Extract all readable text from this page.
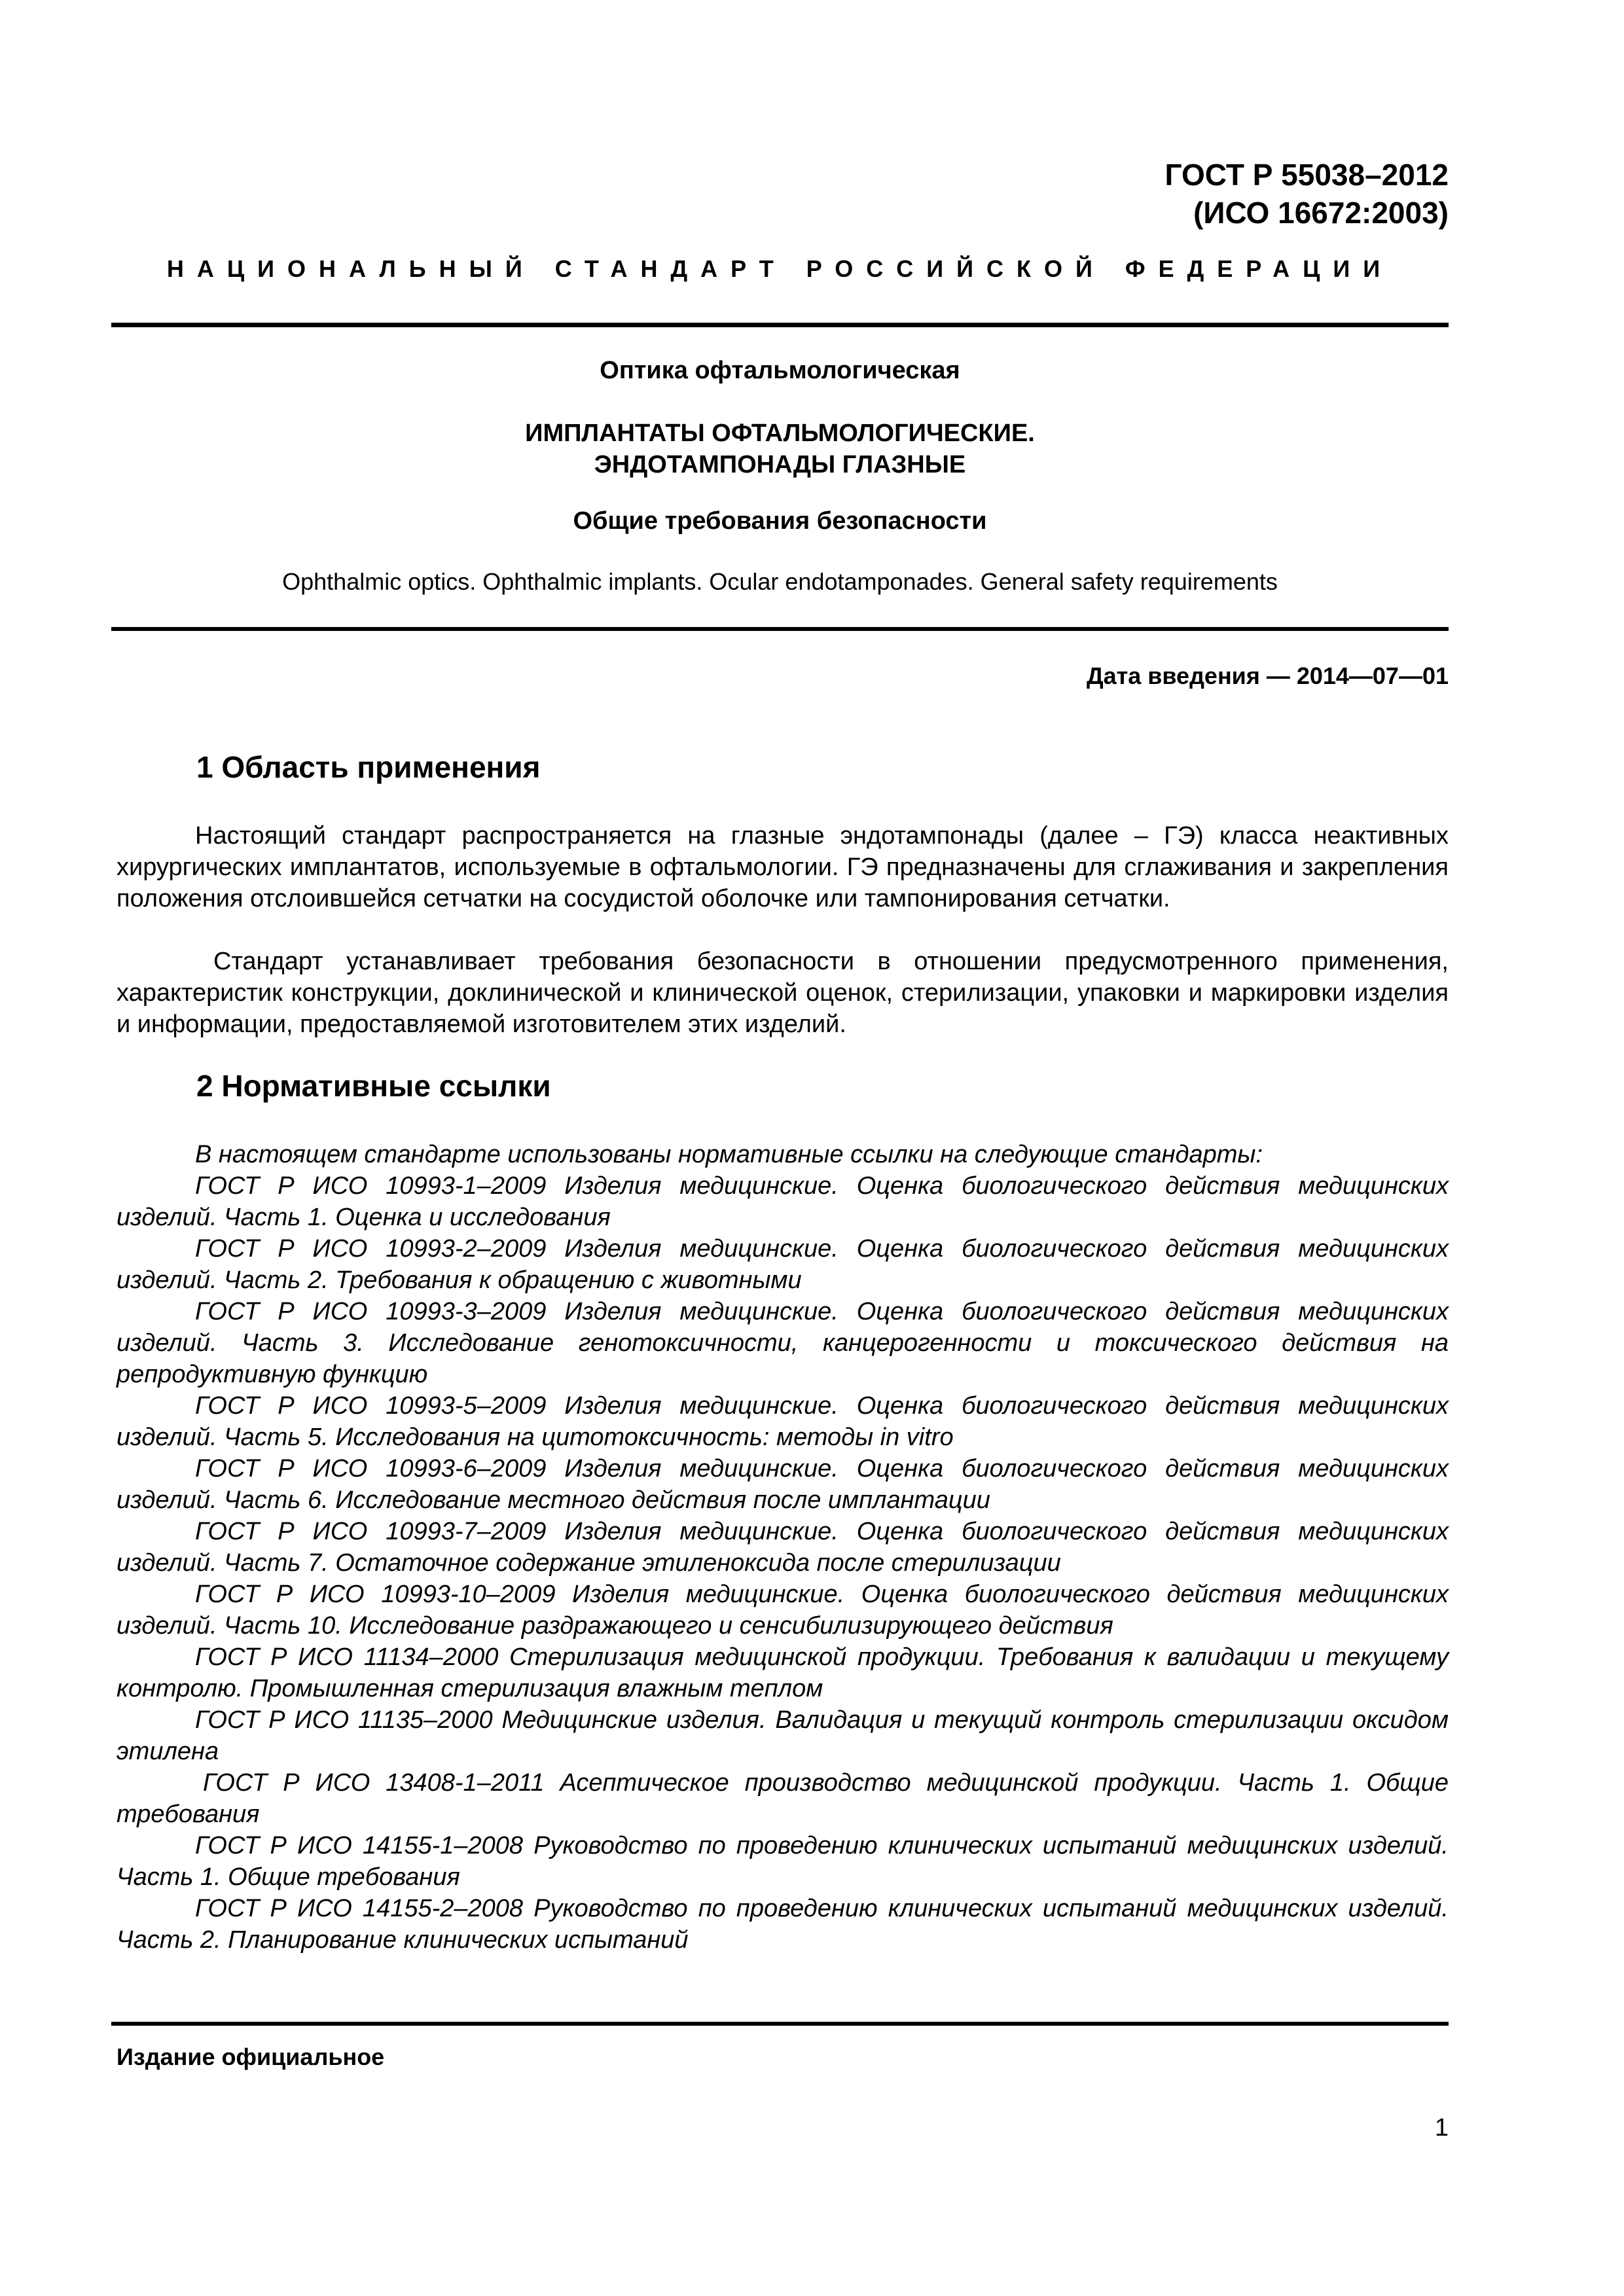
ГОСТ Р 55038–2012
(ИСО 16672:2003)
НАЦИОНАЛЬНЫЙ СТАНДАРТ РОССИЙСКОЙ ФЕДЕРАЦИИ
Оптика офтальмологическая
ИМПЛАНТАТЫ ОФТАЛЬМОЛОГИЧЕСКИЕ.
ЭНДОТАМПОНАДЫ ГЛАЗНЫЕ
Общие требования безопасности
Ophthalmic optics. Ophthalmic implants. Ocular endotamponades. General safety requirements
Дата введения — 2014—07—01
1 Область применения
Настоящий стандарт распространяется на глазные эндотампонады (далее – ГЭ) класса неактивных хирургических имплантатов, используемые в офтальмологии. ГЭ предназначены для сглаживания и закрепления положения отслоившейся сетчатки на сосудистой оболочке или тампонирования сетчатки.
Стандарт устанавливает требования безопасности в отношении предусмотренного применения, характеристик конструкции, доклинической и клинической оценок, стерилизации, упаковки и маркировки изделия и информации, предоставляемой изготовителем этих изделий.
2 Нормативные ссылки
В настоящем стандарте использованы нормативные ссылки на следующие стандарты:
ГОСТ Р ИСО 10993-1–2009 Изделия медицинские. Оценка биологического действия медицинских изделий. Часть 1. Оценка и исследования
ГОСТ Р ИСО 10993-2–2009 Изделия медицинские. Оценка биологического действия медицинских изделий. Часть 2. Требования к обращению с животными
ГОСТ Р ИСО 10993-3–2009 Изделия медицинские. Оценка биологического действия медицинских изделий. Часть 3. Исследование генотоксичности, канцерогенности и токсического действия на репродуктивную функцию
ГОСТ Р ИСО 10993-5–2009 Изделия медицинские. Оценка биологического действия медицинских изделий. Часть 5. Исследования на цитотоксичность: методы in vitro
ГОСТ Р ИСО 10993-6–2009 Изделия медицинские. Оценка биологического действия медицинских изделий. Часть 6. Исследование местного действия после имплантации
ГОСТ Р ИСО 10993-7–2009 Изделия медицинские. Оценка биологического действия медицинских изделий. Часть 7. Остаточное содержание этиленоксида после стерилизации
ГОСТ Р ИСО 10993-10–2009 Изделия медицинские. Оценка биологического действия медицинских изделий. Часть 10. Исследование раздражающего и сенсибилизирующего действия
ГОСТ Р ИСО 11134–2000 Стерилизация медицинской продукции. Требования к валидации и текущему контролю. Промышленная стерилизация влажным теплом
ГОСТ Р ИСО 11135–2000 Медицинские изделия. Валидация и текущий контроль стерилизации оксидом этилена
ГОСТ Р ИСО 13408-1–2011 Асептическое производство медицинской продукции. Часть 1. Общие требования
ГОСТ Р ИСО 14155-1–2008 Руководство по проведению клинических испытаний медицинских изделий. Часть 1. Общие требования
ГОСТ Р ИСО 14155-2–2008 Руководство по проведению клинических испытаний медицинских изделий. Часть 2. Планирование клинических испытаний
Издание официальное
1
